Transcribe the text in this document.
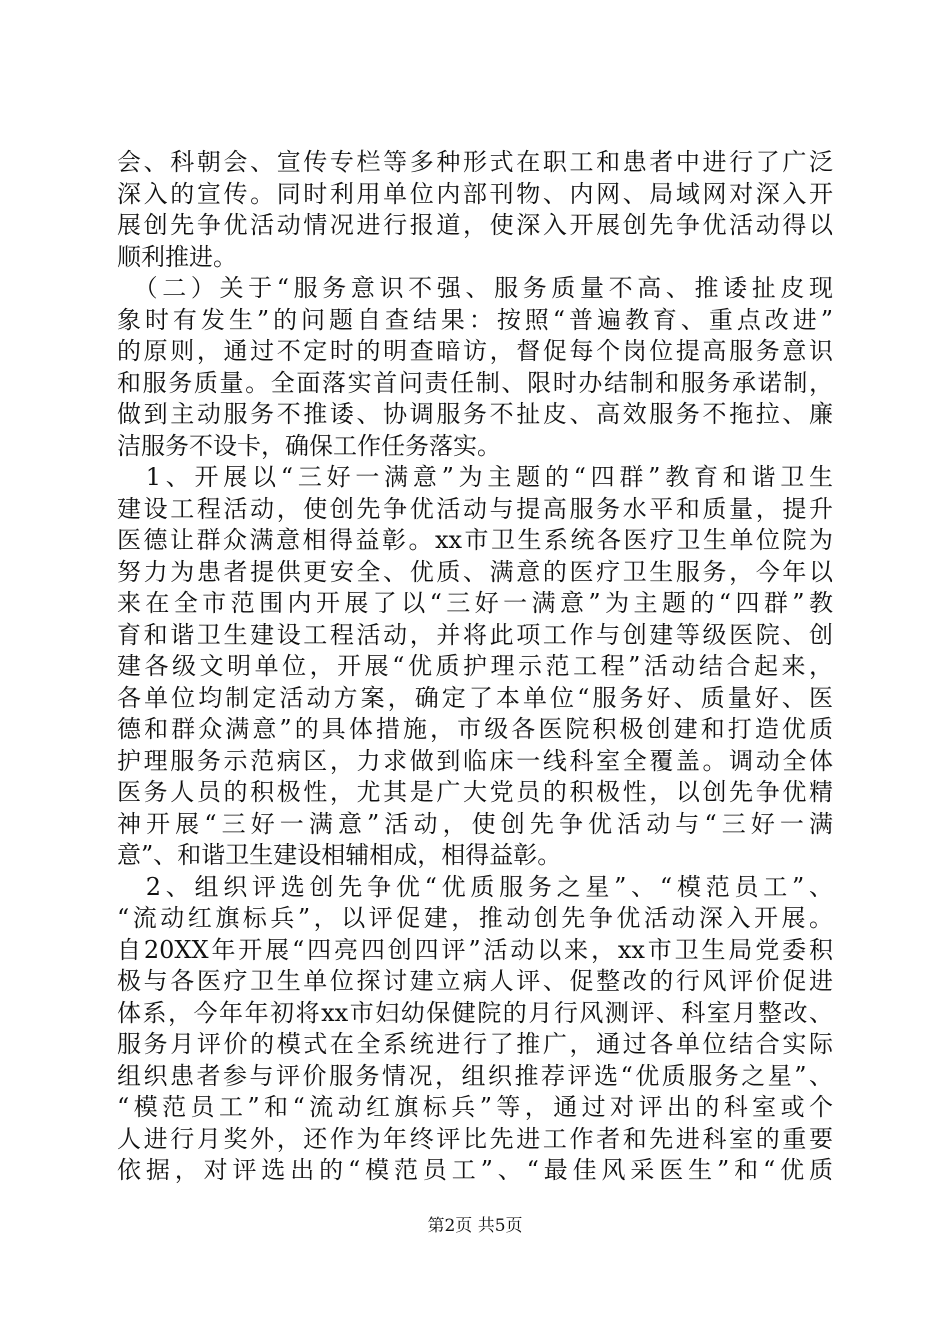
会、科朝会、宣传专栏等多种形式在职工和患者中进行了广泛
深入的宣传。同时利用单位内部刊物、内网、局域网对深入开
展创先争优活动情况进行报道，使深入开展创先争优活动得以
顺利推进。
　（二）关于“服务意识不强、服务质量不高、推诿扯皮现
象时有发生”的问题自查结果：按照“普遍教育、重点改进”
的原则，通过不定时的明查暗访，督促每个岗位提高服务意识
和服务质量。全面落实首问责任制、限时办结制和服务承诺制，
做到主动服务不推诿、协调服务不扯皮、高效服务不拖拉、廉
洁服务不设卡，确保工作任务落实。
　1、开展以“三好一满意”为主题的“四群”教育和谐卫生
建设工程活动，使创先争优活动与提高服务水平和质量，提升
医德让群众满意相得益彰。xx市卫生系统各医疗卫生单位院为
努力为患者提供更安全、优质、满意的医疗卫生服务，今年以
来在全市范围内开展了以“三好一满意”为主题的“四群”教
育和谐卫生建设工程活动，并将此项工作与创建等级医院、创
建各级文明单位，开展“优质护理示范工程”活动结合起来，
各单位均制定活动方案，确定了本单位“服务好、质量好、医
德和群众满意”的具体措施，市级各医院积极创建和打造优质
护理服务示范病区，力求做到临床一线科室全覆盖。调动全体
医务人员的积极性，尤其是广大党员的积极性，以创先争优精
神开展“三好一满意”活动，使创先争优活动与“三好一满
意”、和谐卫生建设相辅相成，相得益彰。
　2、组织评选创先争优“优质服务之星”、“模范员工”、
“流动红旗标兵”，以评促建，推动创先争优活动深入开展。
自20XX年开展“四亮四创四评”活动以来，xx市卫生局党委积
极与各医疗卫生单位探讨建立病人评、促整改的行风评价促进
体系，今年年初将xx市妇幼保健院的月行风测评、科室月整改、
服务月评价的模式在全系统进行了推广，通过各单位结合实际
组织患者参与评价服务情况，组织推荐评选“优质服务之星”、
“模范员工”和“流动红旗标兵”等，通过对评出的科室或个
人进行月奖外，还作为年终评比先进工作者和先进科室的重要
依据，对评选出的“模范员工”、“最佳风采医生”和“优质
第2页 共5页
